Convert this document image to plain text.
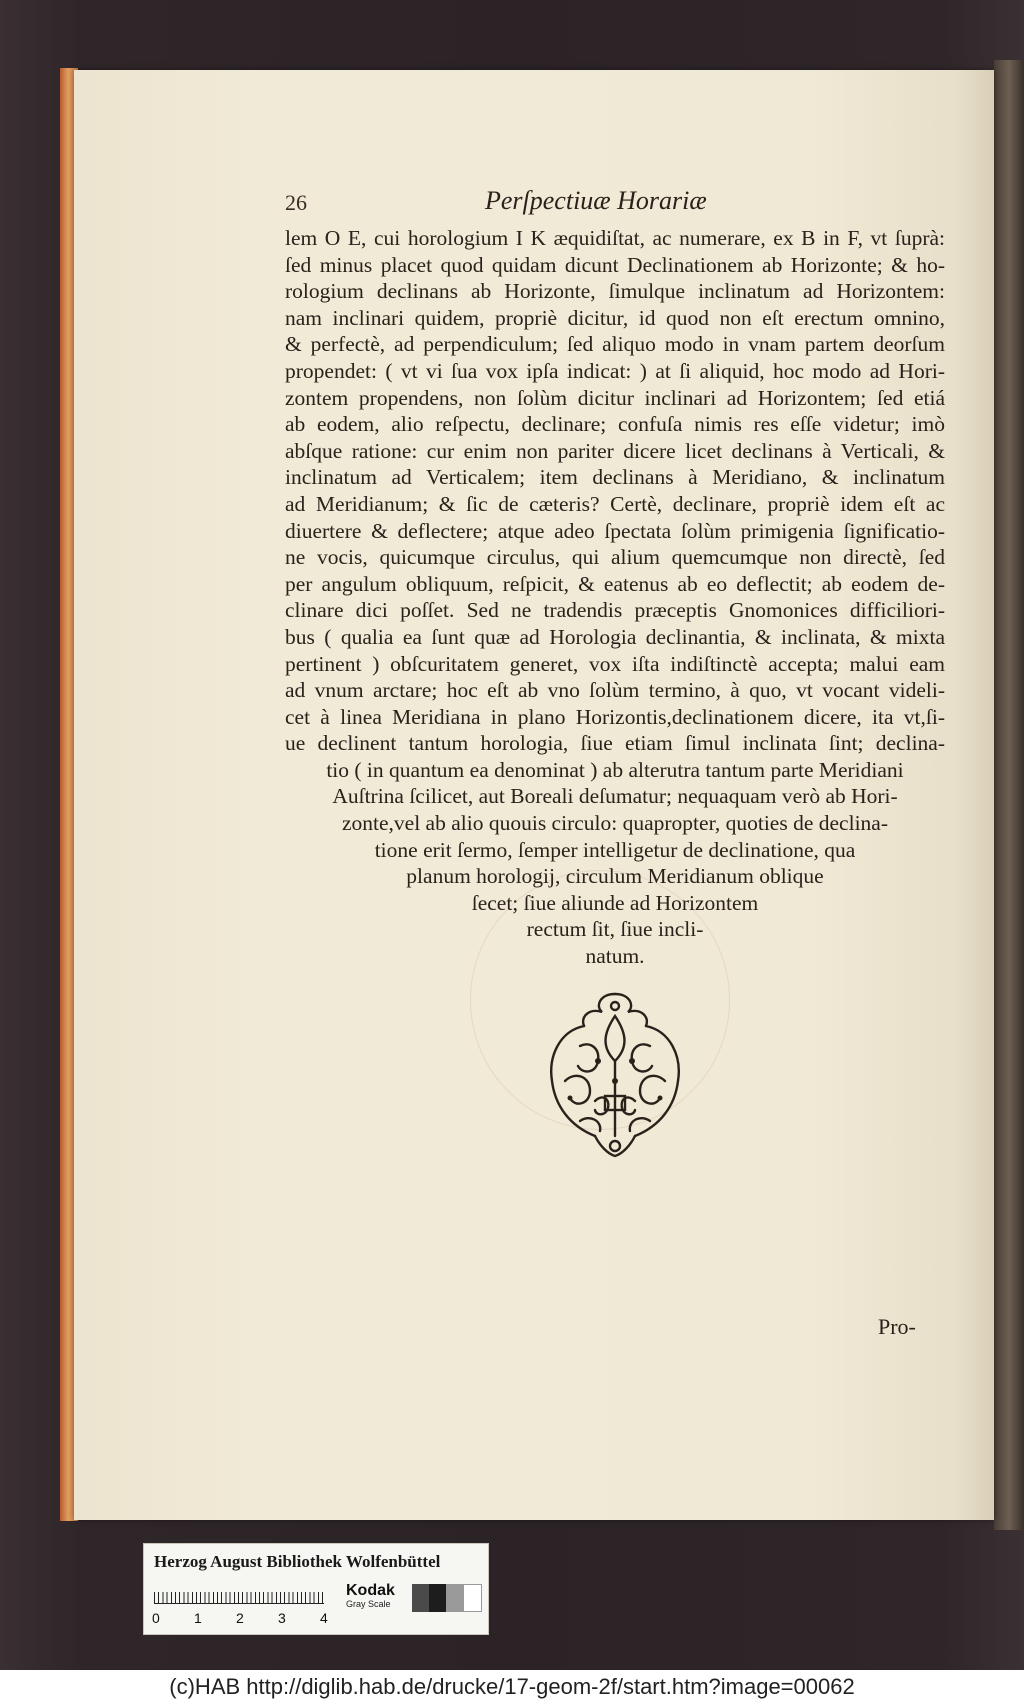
26	Perſpectiuæ Horariæ
lem O E, cui horologium I K æquidiſtat, ac numerare, ex B in F, vt ſuprà:
ſed minus placet quod quidam dicunt Declinationem ab Horizonte; & ho-
rologium declinans ab Horizonte, ſimulque inclinatum ad Horizontem:
nam inclinari quidem, propriè dicitur, id quod non eſt erectum omnino,
& perfectè, ad perpendiculum; ſed aliquo modo in vnam partem deorſum
propendet: ( vt vi ſua vox ipſa indicat: ) at ſi aliquid, hoc modo ad Hori-
zontem propendens, non ſolùm dicitur inclinari ad Horizontem; ſed etiá
ab eodem, alio reſpectu, declinare; confuſa nimis res eſſe videtur; imò
abſque ratione: cur enim non pariter dicere licet declinans à Verticali, &
inclinatum ad Verticalem; item declinans à Meridiano, & inclinatum
ad Meridianum; & ſic de cæteris? Certè, declinare, propriè idem eſt ac
diuertere & deflectere; atque adeo ſpectata ſolùm primigenia ſignificatio-
ne vocis, quicumque circulus, qui alium quemcumque non directè, ſed
per angulum obliquum, reſpicit, & eatenus ab eo deflectit; ab eodem de-
clinare dici poſſet. Sed ne tradendis præceptis Gnomonices difficiliori-
bus ( qualia ea ſunt quæ ad Horologia declinantia, & inclinata, & mixta
pertinent ) obſcuritatem generet, vox iſta indiſtinctè accepta; malui eam
ad vnum arctare; hoc eſt ab vno ſolùm termino, à quo, vt vocant videli-
cet à linea Meridiana in plano Horizontis,declinationem dicere, ita vt,ſi-
ue declinent tantum horologia, ſiue etiam ſimul inclinata ſint; declina-
tio ( in quantum ea denominat ) ab alterutra tantum parte Meridiani
Auſtrina ſcilicet, aut Boreali deſumatur; nequaquam verò ab Hori-
zonte,vel ab alio quouis circulo: quapropter, quoties de declina-
tione erit ſermo, ſemper intelligetur de declinatione, qua
planum horologij, circulum Meridianum oblique
ſecet; ſiue aliunde ad Horizontem
rectum ſit, ſiue incli-
natum.
Pro-
Herzog August Bibliothek Wolfenbüttel
0 1 2 3 4
Kodak
Gray Scale
(c)HAB http://diglib.hab.de/drucke/17-geom-2f/start.htm?image=00062
